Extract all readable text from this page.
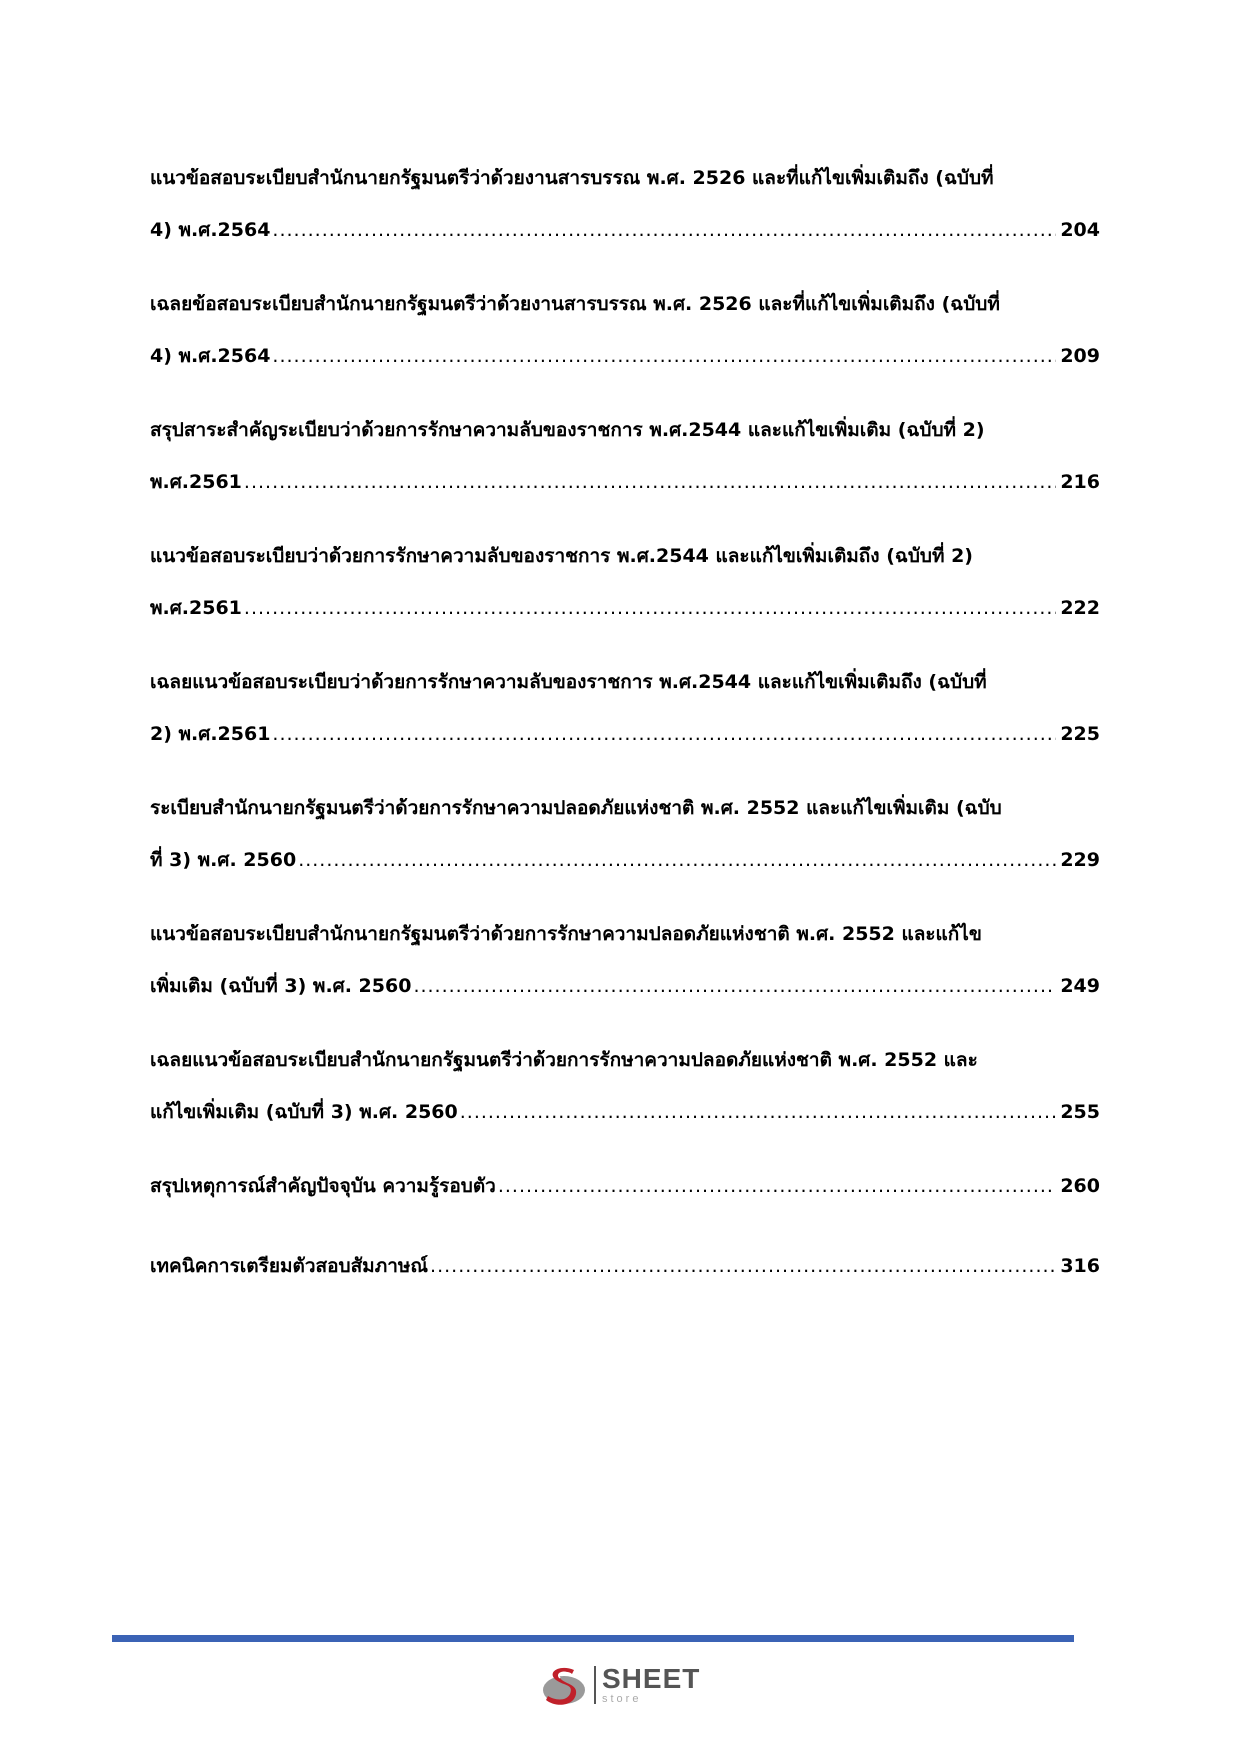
แนวข้อสอบระเบียบสำนักนายกรัฐมนตรีว่าด้วยงานสารบรรณ พ.ศ. 2526 และที่แก้ไขเพิ่มเติมถึง (ฉบับที่
4) พ.ศ.2564 .....	204
เฉลยข้อสอบระเบียบสำนักนายกรัฐมนตรีว่าด้วยงานสารบรรณ พ.ศ. 2526 และที่แก้ไขเพิ่มเติมถึง (ฉบับที่
4) พ.ศ.2564 .....	209
สรุปสาระสำคัญระเบียบว่าด้วยการรักษาความลับของราชการ พ.ศ.2544 และแก้ไขเพิ่มเติม (ฉบับที่ 2)
พ.ศ.2561 .....	216
แนวข้อสอบระเบียบว่าด้วยการรักษาความลับของราชการ พ.ศ.2544 และแก้ไขเพิ่มเติมถึง (ฉบับที่ 2)
พ.ศ.2561 .....	222
เฉลยแนวข้อสอบระเบียบว่าด้วยการรักษาความลับของราชการ พ.ศ.2544 และแก้ไขเพิ่มเติมถึง (ฉบับที่
2) พ.ศ.2561 .....	225
ระเบียบสำนักนายกรัฐมนตรีว่าด้วยการรักษาความปลอดภัยแห่งชาติ พ.ศ. 2552 และแก้ไขเพิ่มเติม (ฉบับ
ที่ 3) พ.ศ. 2560 .....	229
แนวข้อสอบระเบียบสำนักนายกรัฐมนตรีว่าด้วยการรักษาความปลอดภัยแห่งชาติ พ.ศ. 2552 และแก้ไข
เพิ่มเติม (ฉบับที่ 3) พ.ศ. 2560 .....	249
เฉลยแนวข้อสอบระเบียบสำนักนายกรัฐมนตรีว่าด้วยการรักษาความปลอดภัยแห่งชาติ พ.ศ. 2552 และ
แก้ไขเพิ่มเติม (ฉบับที่ 3) พ.ศ. 2560 .....	255
สรุปเหตุการณ์สำคัญปัจจุบัน ความรู้รอบตัว .....	260
เทคนิคการเตรียมตัวสอบสัมภาษณ์ .....	316
SHEET
store
